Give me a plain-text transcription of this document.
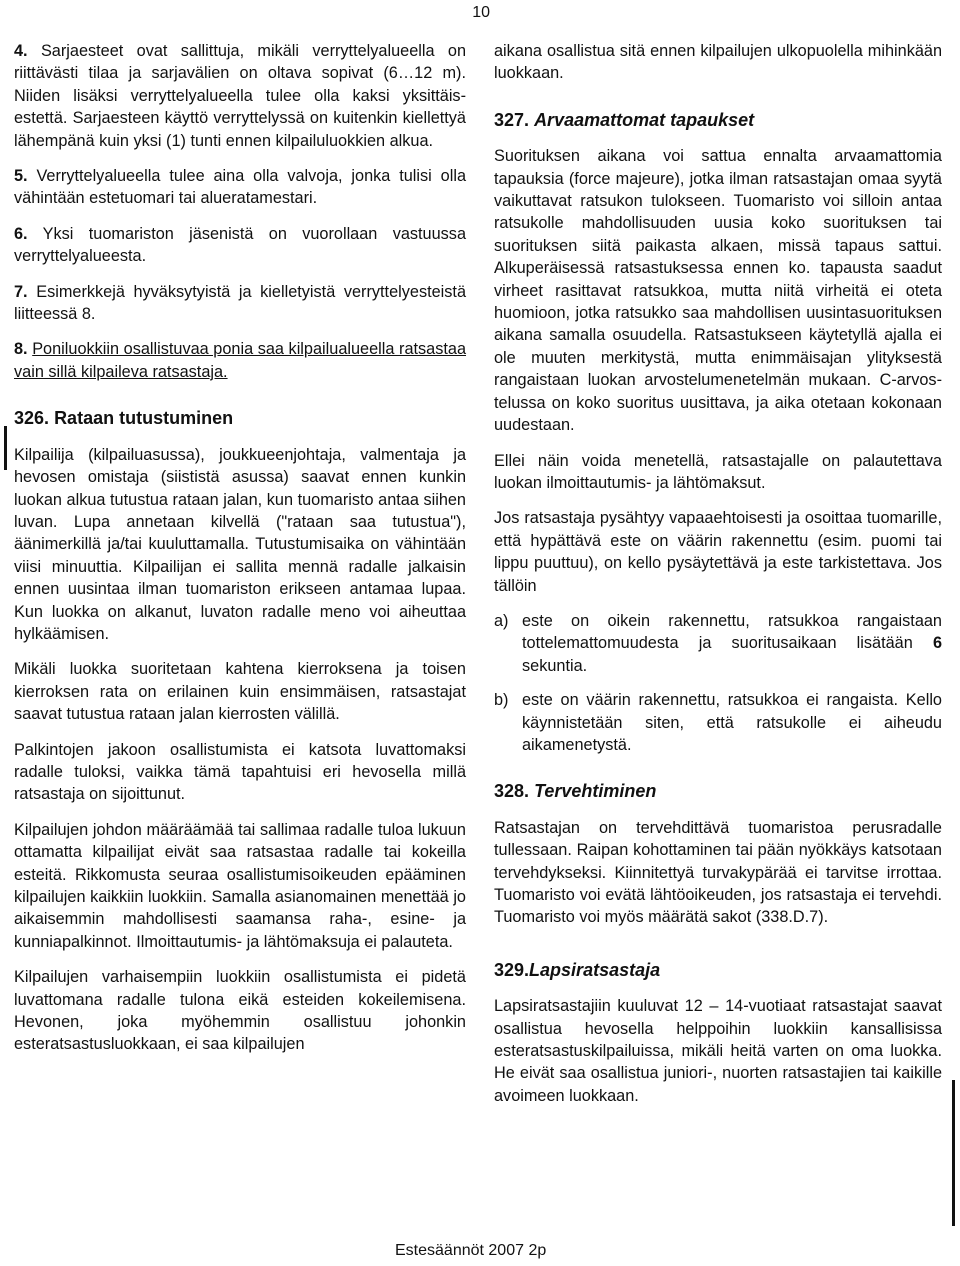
10
4. Sarjaesteet ovat sallittuja, mikäli verryttelyalueella on riittävästi tilaa ja sarjavälien on oltava sopivat (6…12 m). Niiden lisäksi verryttelyalueella tulee olla kaksi yksittäis-estettä. Sarjaesteen käyttö verryttelyssä on kuitenkin kiellettyä lähempänä kuin yksi (1) tunti ennen kilpailuluokkien alkua.
5. Verryttelyalueella tulee aina olla valvoja, jonka tulisi olla vähintään estetuomari tai alueratamestari.
6. Yksi tuomariston jäsenistä on vuorollaan vastuussa verryttelyalueesta.
7. Esimerkkejä hyväksytyistä ja kielletyistä verryttelyesteistä liitteessä 8.
8. Poniluokkiin osallistuvaa ponia saa kilpailualueella ratsastaa vain sillä kilpaileva ratsastaja.
326. Rataan tutustuminen

Kilpailija (kilpailuasussa), joukkueenjohtaja, valmentaja ja hevosen omistaja (siististä asussa) saavat ennen kunkin luokan alkua tutustua rataan jalan, kun tuomaristo antaa siihen luvan. Lupa annetaan kilvellä ("rataan saa tutustua"), äänimerkillä ja/tai kuuluttamalla. Tutustumisaika on vähintään viisi minuuttia. Kilpailijan ei sallita mennä radalle jalkaisin ennen uusintaa ilman tuomariston erikseen antamaa lupaa. Kun luokka on alkanut, luvaton radalle meno voi aiheuttaa hylkäämisen.

Mikäli luokka suoritetaan kahtena kierroksena ja toisen kierroksen rata on erilainen kuin ensimmäisen, ratsastajat saavat tutustua rataan jalan kierrosten välillä.

Palkintojen jakoon osallistumista ei katsota luvattomaksi radalle tuloksi, vaikka tämä tapahtuisi eri hevosella millä ratsastaja on sijoittunut.

Kilpailujen johdon määräämää tai sallimaa radalle tuloa lukuun ottamatta kilpailijat eivät saa ratsastaa radalle tai kokeilla esteitä. Rikkomusta seuraa osallistumisoikeuden epääminen kilpailujen kaikkiin luokkiin. Samalla asianomainen menettää jo aikaisemmin mahdollisesti saamansa raha-, esine- ja kunniapalkinnot. Ilmoittautumis- ja lähtömaksuja ei palauteta.

Kilpailujen varhaisempiin luokkiin osallistumista ei pidetä luvattomana radalle tulona eikä esteiden kokeilemisena. Hevonen, joka myöhemmin osallistuu johonkin esteratsastusluokkaan, ei saa kilpailujen

aikana osallistua sitä ennen kilpailujen ulkopuolella mihinkään luokkaan.

327. Arvaamattomat tapaukset

Suorituksen aikana voi sattua ennalta arvaamattomia tapauksia (force majeure), jotka ilman ratsastajan omaa syytä vaikuttavat ratsukon tulokseen. Tuomaristo voi silloin antaa ratsukolle mahdollisuuden uusia koko suorituksen tai suorituksen siitä paikasta alkaen, missä tapaus sattui. Alkuperäisessä ratsastuksessa ennen ko. tapausta saadut virheet rasittavat ratsukkoa, mutta niitä virheitä ei oteta huomioon, jotka ratsukko saa mahdollisen uusintasuorituksen aikana samalla osuudella. Ratsastukseen käytetyllä ajalla ei ole muuten merkitystä, mutta enimmäisajan ylityksestä rangaistaan luokan arvostelumenetelmän mukaan. C-arvostelussa on koko suoritus uusittava, ja aika otetaan kokonaan uudestaan.

Ellei näin voida menetellä, ratsastajalle on palautettava luokan ilmoittautumis- ja lähtömaksut.

Jos ratsastaja pysähtyy vapaaehtoisesti ja osoittaa tuomarille, että hypättävä este on väärin rakennettu (esim. puomi tai lippu puuttuu), on kello pysäytettävä ja este tarkistettava. Jos tällöin

a) este on oikein rakennettu, ratsukkoa rangaistaan tottelemattomuudesta ja suoritusaikaan lisätään 6 sekuntia.
b) este on väärin rakennettu, ratsukkoa ei rangaista. Kello käynnistetään siten, että ratsukolle ei aiheudu aikamenetystä.
328. Tervehtiminen

Ratsastajan on tervehdittävä tuomaristoa perusradalle tullessaan. Raipan kohottaminen tai pään nyökkäys katsotaan tervehdykseksi. Kiinnitettyä turvakypärää ei tarvitse irrottaa. Tuomaristo voi evätä lähtöoikeuden, jos ratsastaja ei tervehdi. Tuomaristo voi myös määrätä sakot (338.D.7).

329.Lapsiratsastaja

Lapsiratsastajiin kuuluvat 12 – 14-vuotiaat ratsastajat saavat osallistua hevosella helppoihin luokkiin kansallisissa esteratsastuskilpailuissa, mikäli heitä varten on oma luokka. He eivät saa osallistua juniori-, nuorten ratsastajien tai kaikille avoimeen luokkaan.

Estesäännöt 2007 2p
